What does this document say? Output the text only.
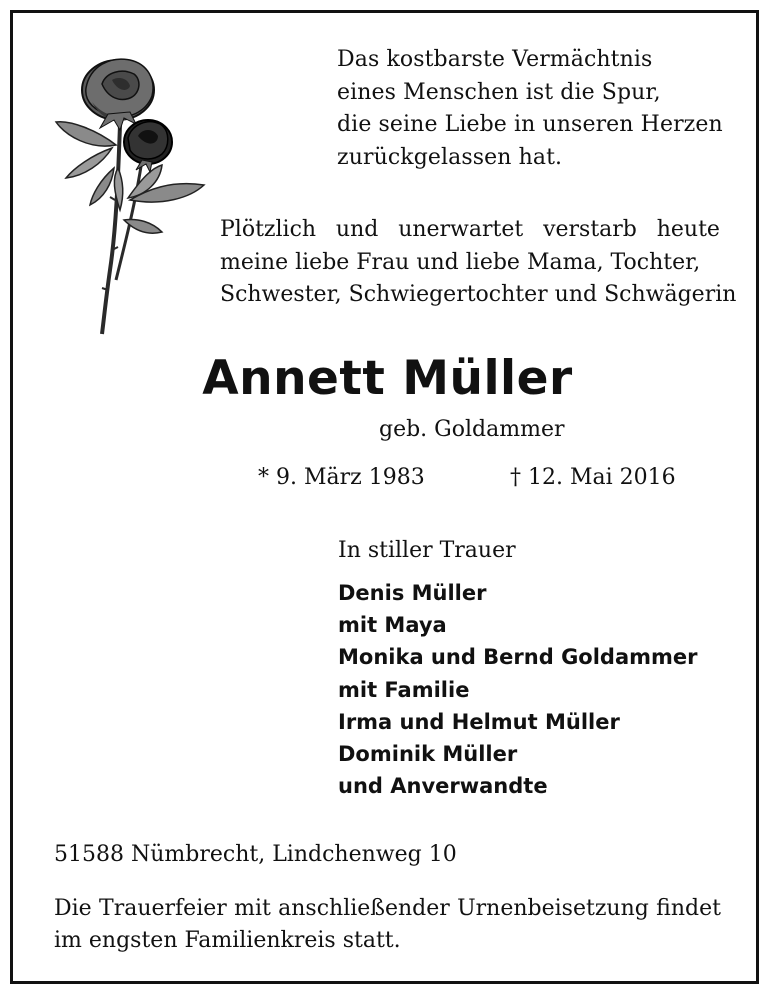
Das kostbarste Vermächtnis
eines Menschen ist die Spur,
die seine Liebe in unseren Herzen
zurückgelassen hat.
Plötzlich und unerwartet verstarb heute
meine liebe Frau und liebe Mama, Tochter,
Schwester, Schwiegertochter und Schwägerin
Annett Müller
geb. Goldammer
* 9. März 1983	† 12. Mai 2016
In stiller Trauer
Denis Müller
mit Maya
Monika und Bernd Goldammer
mit Familie
Irma und Helmut Müller
Dominik Müller
und Anverwandte
51588 Nümbrecht, Lindchenweg 10
Die Trauerfeier mit anschließender Urnenbeisetzung findet
im engsten Familienkreis statt.
